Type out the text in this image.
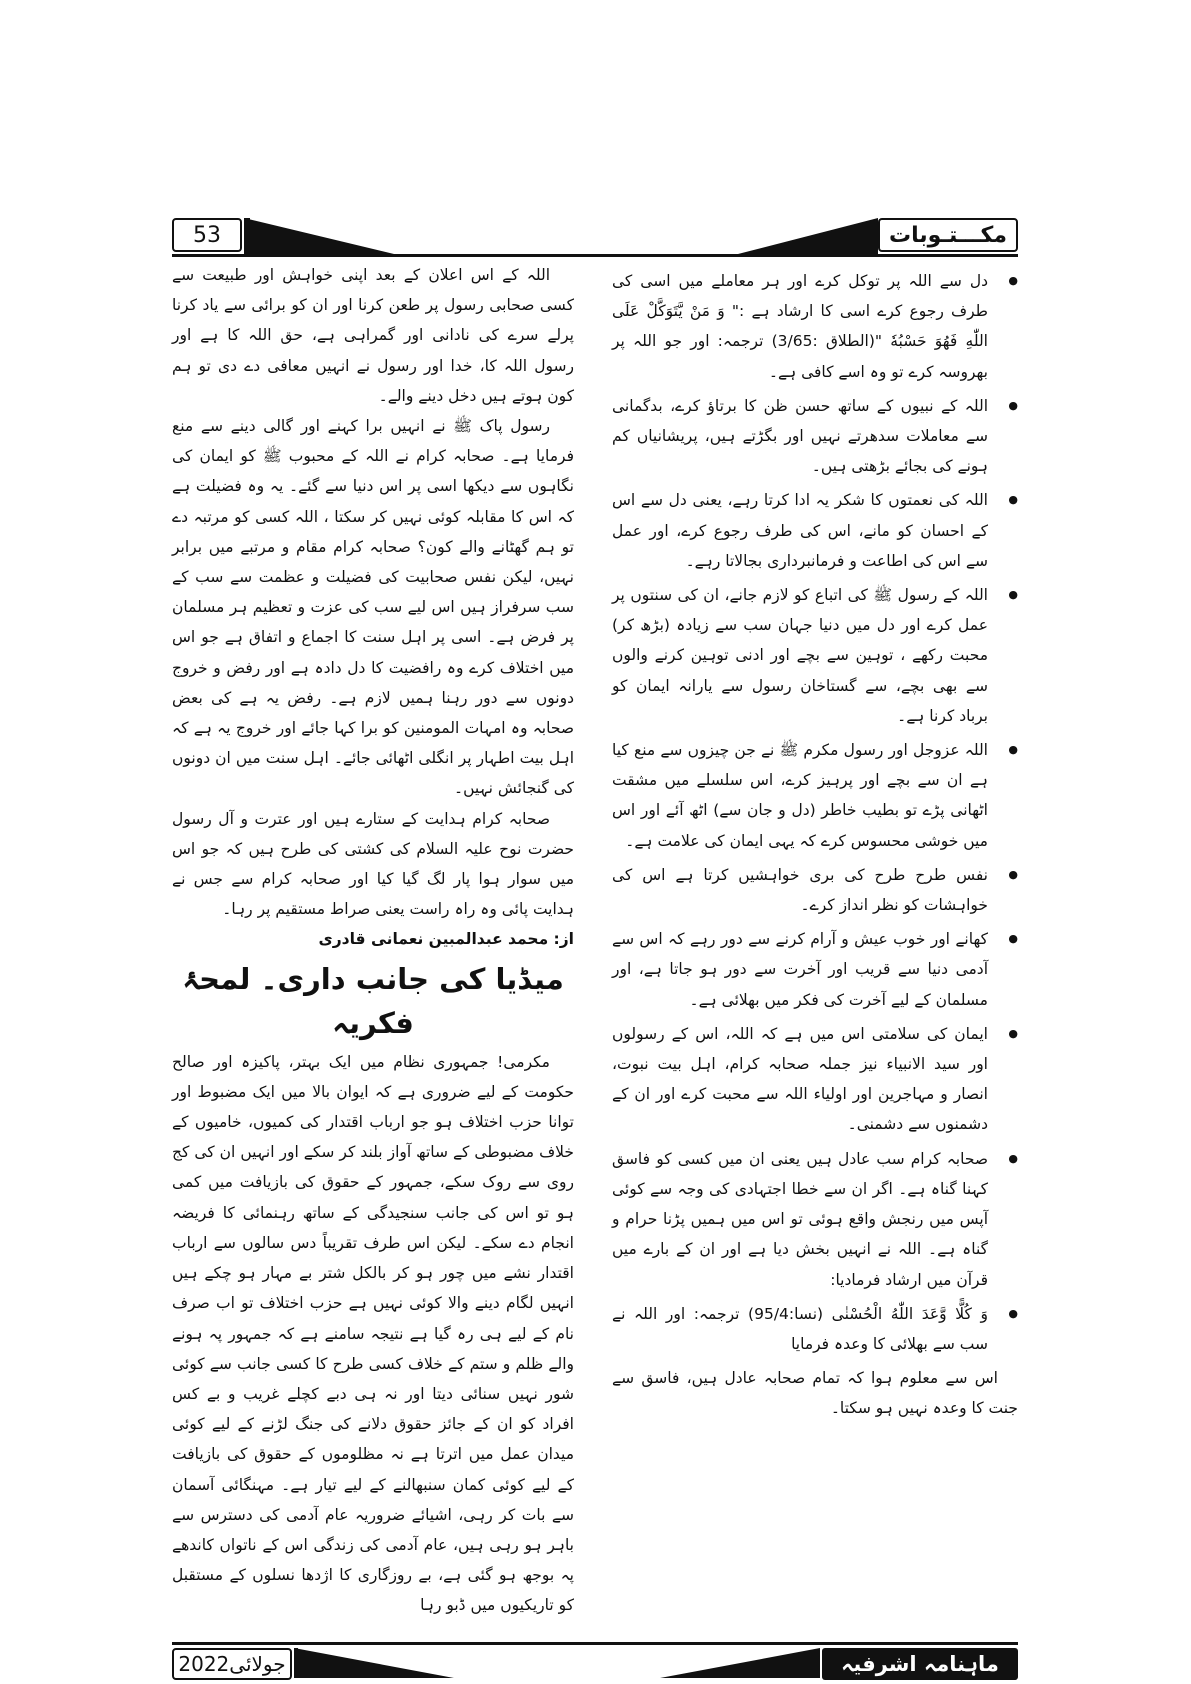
53	مکـــتـوبات
● دل سے اللہ پر توکل کرے اور ہر معاملے میں اسی کی طرف رجوع کرے اسی کا ارشاد ہے :" وَ مَنْ يَّتَوَكَّلْ عَلَى اللّٰهِ فَهُوَ حَسْبُهٗ "(الطلاق :3/65) ترجمہ: اور جو اللہ پر بھروسہ کرے تو وہ اسے کافی ہے۔
● اللہ کے نبیوں کے ساتھ حسن ظن کا برتاؤ کرے، بدگمانی سے معاملات سدھرتے نہیں اور بگڑتے ہیں، پریشانیاں کم ہونے کی بجائے بڑھتی ہیں۔
● اللہ کی نعمتوں کا شکر یہ ادا کرتا رہے، یعنی دل سے اس کے احسان کو مانے، اس کی طرف رجوع کرے، اور عمل سے اس کی اطاعت و فرمانبرداری بجالاتا رہے۔
● اللہ کے رسول ﷺ کی اتباع کو لازم جانے، ان کی سنتوں پر عمل کرے اور دل میں دنیا جہان سب سے زیادہ (بڑھ کر) محبت رکھے ، توہین سے بچے اور ادنی توہین کرنے والوں سے بھی بچے، سے گستاخان رسول سے یارانہ ایمان کو برباد کرنا ہے۔
● اللہ عزوجل اور رسول مکرم ﷺ نے جن چیزوں سے منع کیا ہے ان سے بچے اور پرہیز کرے، اس سلسلے میں مشقت اٹھانی پڑے تو بطیب خاطر (دل و جان سے) اٹھ آئے اور اس میں خوشی محسوس کرے کہ یہی ایمان کی علامت ہے۔
● نفس طرح طرح کی بری خواہشیں کرتا ہے اس کی خواہشات کو نظر انداز کرے۔
● کھانے اور خوب عیش و آرام کرنے سے دور رہے کہ اس سے آدمی دنیا سے قریب اور آخرت سے دور ہو جاتا ہے، اور مسلمان کے لیے آخرت کی فکر میں بھلائی ہے۔
● ایمان کی سلامتی اس میں ہے کہ اللہ، اس کے رسولوں اور سید الانبیاء نیز جملہ صحابہ کرام، اہل بیت نبوت، انصار و مہاجرین اور اولیاء اللہ سے محبت کرے اور ان کے دشمنوں سے دشمنی۔
● صحابہ کرام سب عادل ہیں یعنی ان میں کسی کو فاسق کہنا گناہ ہے۔ اگر ان سے خطا اجتہادی کی وجہ سے کوئی آپس میں رنجش واقع ہوئی تو اس میں ہمیں پڑنا حرام و گناہ ہے۔ اللہ نے انہیں بخش دیا ہے اور ان کے بارے میں قرآن میں ارشاد فرمادیا:
● وَ كُلًّا وَّعَدَ اللّٰهُ الْحُسْنٰى (نسا:95/4) ترجمہ: اور اللہ نے سب سے بھلائی کا وعدہ فرمایا

اس سے معلوم ہوا کہ تمام صحابہ عادل ہیں، فاسق سے جنت کا وعدہ نہیں ہو سکتا۔

اللہ کے اس اعلان کے بعد اپنی خواہش اور طبیعت سے کسی صحابی رسول پر طعن کرنا اور ان کو برائی سے یاد کرنا پرلے سرے کی نادانی اور گمراہی ہے، حق اللہ کا ہے اور رسول اللہ کا، خدا اور رسول نے انہیں معافی دے دی تو ہم کون ہوتے ہیں دخل دینے والے۔

رسول پاک ﷺ نے انہیں برا کہنے اور گالی دینے سے منع فرمایا ہے۔ صحابہ کرام نے اللہ کے محبوب ﷺ کو ایمان کی نگاہوں سے دیکھا اسی پر اس دنیا سے گئے۔ یہ وہ فضیلت ہے کہ اس کا مقابلہ کوئی نہیں کر سکتا ، اللہ کسی کو مرتبہ دے تو ہم گھٹانے والے کون؟ صحابہ کرام مقام و مرتبے میں برابر نہیں، لیکن نفس صحابیت کی فضیلت و عظمت سے سب کے سب سرفراز ہیں اس لیے سب کی عزت و تعظیم ہر مسلمان پر فرض ہے۔ اسی پر اہل سنت کا اجماع و اتفاق ہے جو اس میں اختلاف کرے وہ رافضیت کا دل دادہ ہے اور رفض و خروج دونوں سے دور رہنا ہمیں لازم ہے۔ رفض یہ ہے کی بعض صحابہ وہ امہات المومنین کو برا کہا جائے اور خروج یہ ہے کہ اہل بیت اطہار پر انگلی اٹھائی جائے۔ اہل سنت میں ان دونوں کی گنجائش نہیں۔

صحابہ کرام ہدایت کے ستارے ہیں اور عترت و آل رسول حضرت نوح علیہ السلام کی کشتی کی طرح ہیں کہ جو اس میں سوار ہوا پار لگ گیا کیا اور صحابہ کرام سے جس نے ہدایت پائی وہ راہ راست یعنی صراط مستقیم پر رہا۔

از: محمد عبدالمبین نعمانی قادری
میڈیا کی جانب داری۔ لمحۂ فکریہ

مکرمی! جمہوری نظام میں ایک بہتر، پاکیزہ اور صالح حکومت کے لیے ضروری ہے کہ ایوان بالا میں ایک مضبوط اور توانا حزب اختلاف ہو جو ارباب اقتدار کی کمیوں، خامیوں کے خلاف مضبوطی کے ساتھ آواز بلند کر سکے اور انہیں ان کی کج روی سے روک سکے، جمہور کے حقوق کی بازیافت میں کمی ہو تو اس کی جانب سنجیدگی کے ساتھ رہنمائی کا فریضہ انجام دے سکے۔ لیکن اس طرف تقریباً دس سالوں سے ارباب اقتدار نشے میں چور ہو کر بالکل شتر بے مہار ہو چکے ہیں انہیں لگام دینے والا کوئی نہیں ہے حزب اختلاف تو اب صرف نام کے لیے ہی رہ گیا ہے نتیجہ سامنے ہے کہ جمہور پہ ہونے والے ظلم و ستم کے خلاف کسی طرح کا کسی جانب سے کوئی شور نہیں سنائی دیتا اور نہ ہی دبے کچلے غریب و بے کس افراد کو ان کے جائز حقوق دلانے کی جنگ لڑنے کے لیے کوئی میدان عمل میں اترتا ہے نہ مظلوموں کے حقوق کی بازیافت کے لیے کوئی کمان سنبھالنے کے لیے تیار ہے۔ مہنگائی آسمان سے بات کر رہی، اشیائے ضروریہ عام آدمی کی دسترس سے باہر ہو رہی ہیں، عام آدمی کی زندگی اس کے ناتواں کاندھے پہ بوجھ ہو گئی ہے، بے روزگاری کا اژدھا نسلوں کے مستقبل کو تاریکیوں میں ڈبو رہا

جولائی2022	ماہنامہ اشرفیہ
